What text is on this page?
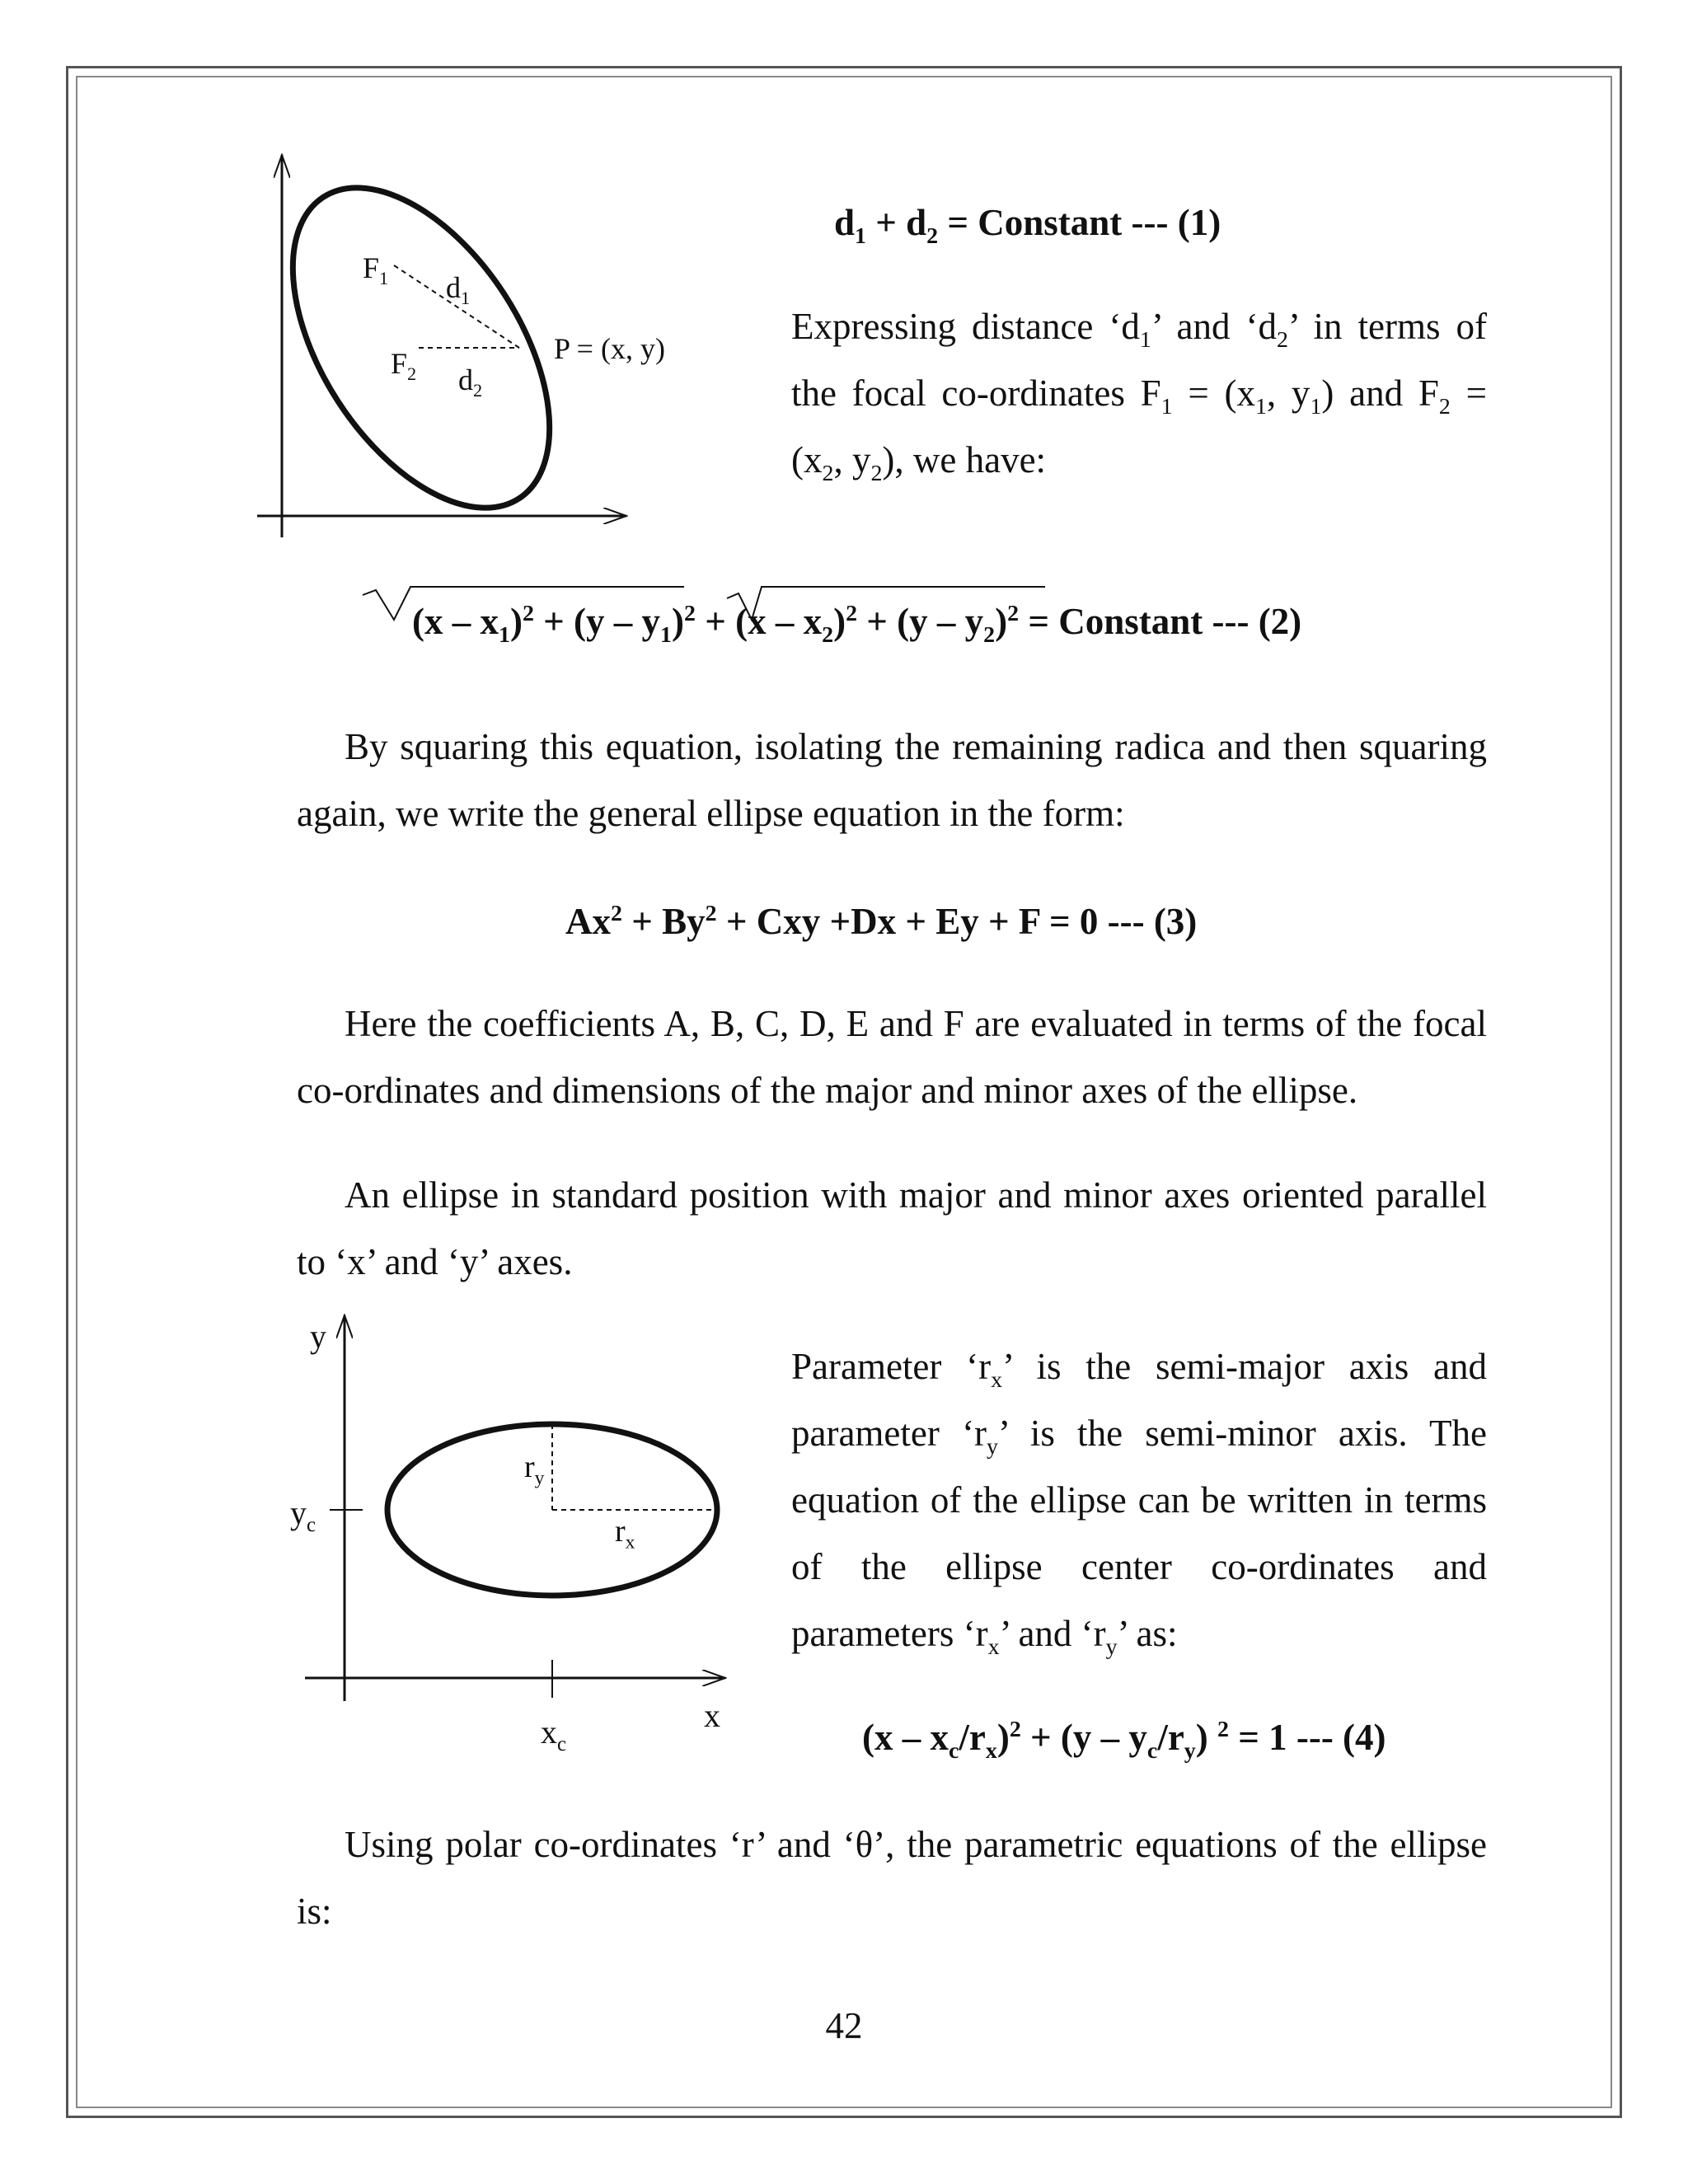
$F_1$ $d_1$
$F_2$ $d_2$
P = (x, y)
$d_1 + d_2$ = Constant --- (1)
Expressing distance ‘$d_1$’ and ‘$d_2$’ in terms of the focal co-ordinates $F_1 = (x_1$, $y_1$) and $F_2 = (x_2$, $y_2$), we have:
$(x - x_1)^2 + (y - y_1)^2 + (x - x_2)^2 + (y - y_2)^2$ = Constant --- (2)
By squaring this equation, isolating the remaining radica and then squaring again, we write the general ellipse equation in the form:
$Ax^2 + By^2$ + Cxy +Dx + Ey + F = 0 --- (3)
Here the coefficients A, B, C, D, E and F are evaluated in terms of the focal co-ordinates and dimensions of the major and minor axes of the ellipse.
An ellipse in standard position with major and minor axes oriented parallel to ‘x’ and ‘y’ axes.
y
x
$y_c$
$x_c$
$r_y$
$r_x$
Parameter ‘$r_x$’ is the semi-major axis and parameter ‘$r_y$’ is the semi-minor axis. The equation of the ellipse can be written in terms of the ellipse center co-ordinates and parameters ‘$r_x$’ and ‘$r_y$’ as:
$(x - x_c/r_x)^2 + (y - y_c/r_y)$ $^2$ = 1 --- (4)
Using polar co-ordinates ‘r’ and ‘θ’, the parametric equations of the ellipse is:
42
